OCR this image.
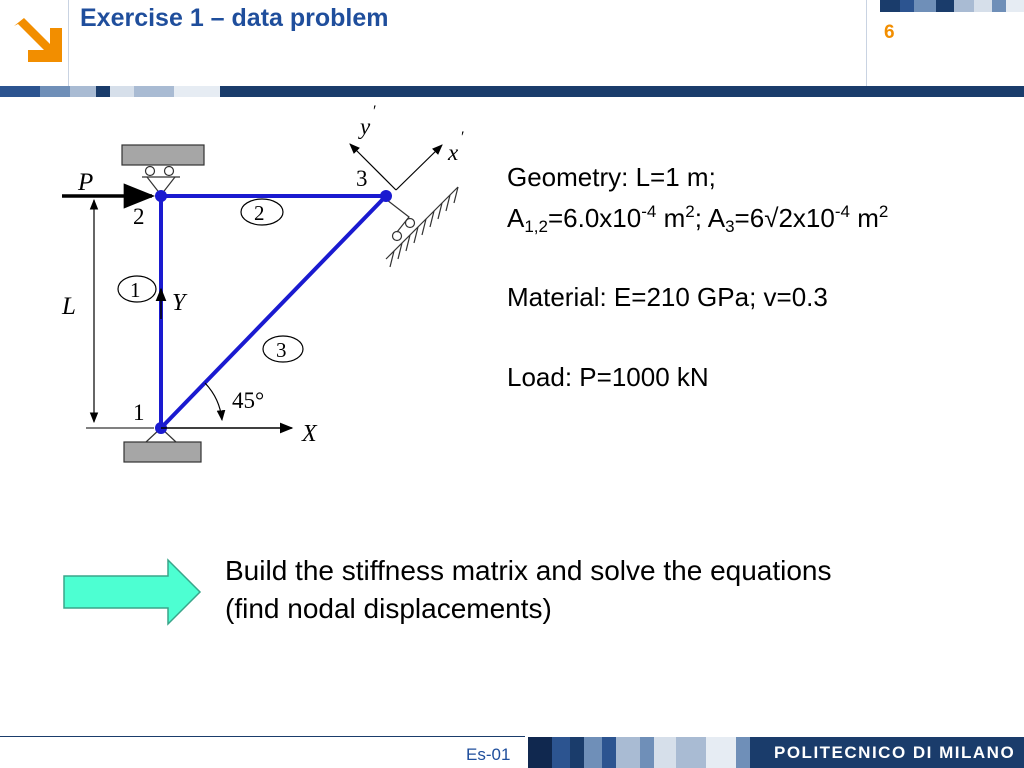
Exercise 1 – data problem
6
P
L
2
1
3
2
1
3
Y
X
45°
x
′
y
′
Geometry: L=1 m;
$A_{1,2}=6.0x10^{-4}$ $m^2$; $A_3=6√2x10^{-4}$ $m^2$
Material: E=210 GPa; v=0.3
Load: P=1000 kN
Build the stiffness matrix and solve the equations
(find nodal displacements)
Es-01	POLITECNICO DI MILANO
